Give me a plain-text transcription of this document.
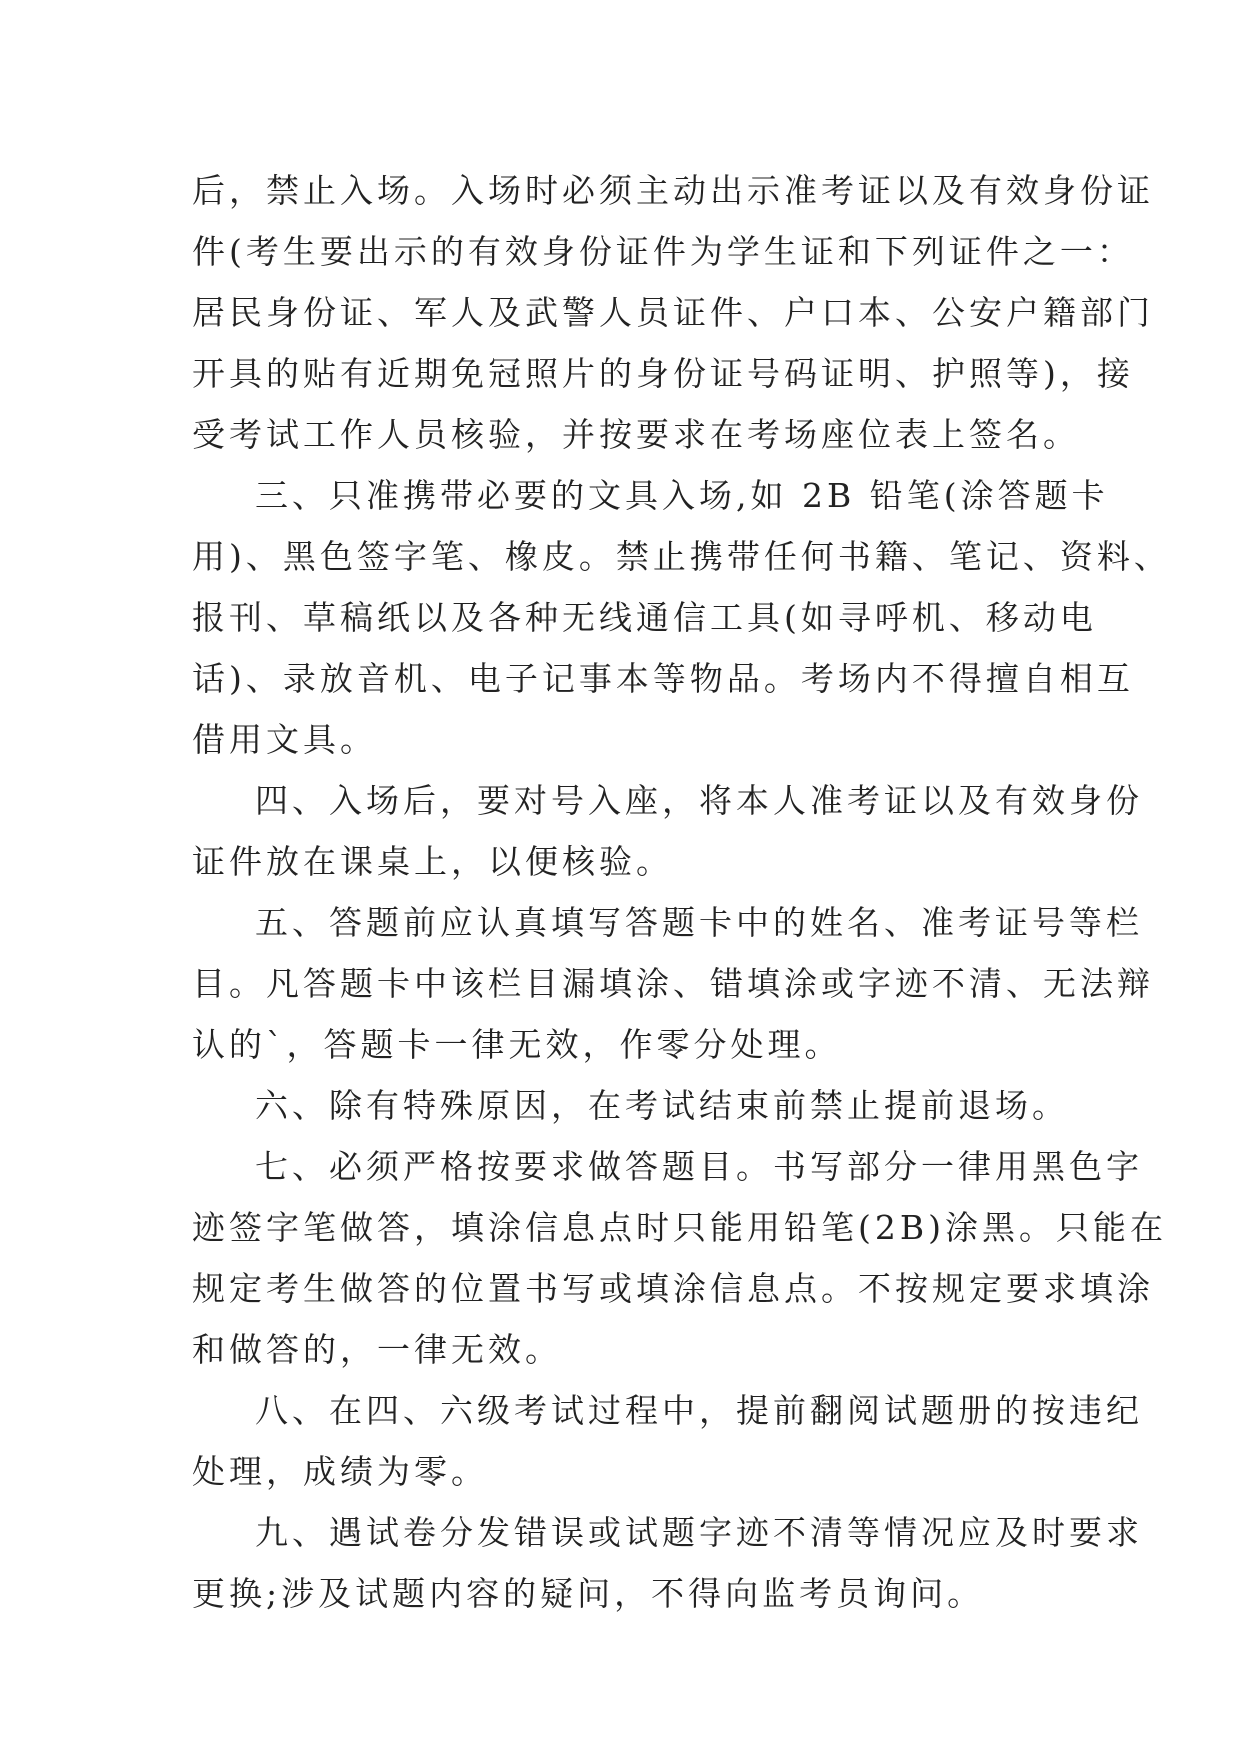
后，禁止入场。入场时必须主动出示准考证以及有效身份证
件(考生要出示的有效身份证件为学生证和下列证件之一：
居民身份证、军人及武警人员证件、户口本、公安户籍部门
开具的贴有近期免冠照片的身份证号码证明、护照等)，接
受考试工作人员核验，并按要求在考场座位表上签名。
三、只准携带必要的文具入场,如 2B 铅笔(涂答题卡
用)、黑色签字笔、橡皮。禁止携带任何书籍、笔记、资料、
报刊、草稿纸以及各种无线通信工具(如寻呼机、移动电
话)、录放音机、电子记事本等物品。考场内不得擅自相互
借用文具。
四、入场后，要对号入座，将本人准考证以及有效身份
证件放在课桌上，以便核验。
五、答题前应认真填写答题卡中的姓名、准考证号等栏
目。凡答题卡中该栏目漏填涂、错填涂或字迹不清、无法辩
认的`，答题卡一律无效，作零分处理。
六、除有特殊原因，在考试结束前禁止提前退场。
七、必须严格按要求做答题目。书写部分一律用黑色字
迹签字笔做答，填涂信息点时只能用铅笔(2B)涂黑。只能在
规定考生做答的位置书写或填涂信息点。不按规定要求填涂
和做答的，一律无效。
八、在四、六级考试过程中，提前翻阅试题册的按违纪
处理，成绩为零。
九、遇试卷分发错误或试题字迹不清等情况应及时要求
更换;涉及试题内容的疑问，不得向监考员询问。
